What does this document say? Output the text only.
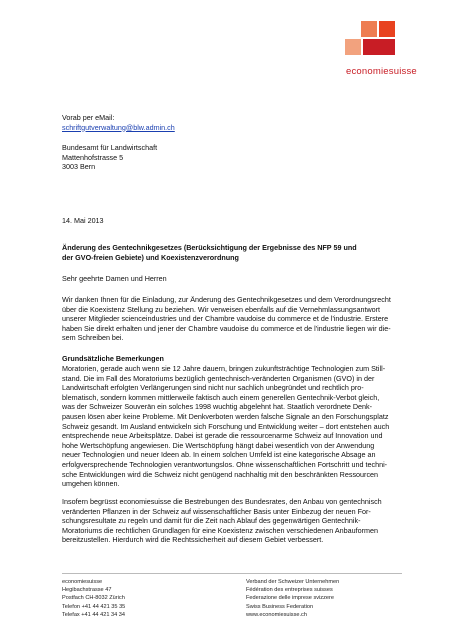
economiesuisse

Vorab per eMail:

schriftgutverwaltung@blw.admin.ch

Bundesamt für Landwirtschaft

Mattenhofstrasse 5

3003 Bern

14. Mai 2013

Änderung des Gentechnikgesetzes (Berücksichtigung der Ergebnisse des NFP 59 und

der GVO-freien Gebiete) und Koexistenzverordnung

Sehr geehrte Damen und Herren

Wir danken Ihnen für die Einladung, zur Änderung des Gentechnikgesetzes und dem Verordnungsrecht

über die Koexistenz Stellung zu beziehen. Wir verweisen ebenfalls auf die Vernehmlassungsantwort

unserer Mitglieder scienceindustries und der Chambre vaudoise du commerce et de l'industrie. Erstere

haben Sie direkt erhalten und jener der Chambre vaudoise du commerce et de l'industrie liegen wir die-

sem Schreiben bei.

Grundsätzliche Bemerkungen

Moratorien, gerade auch wenn sie 12 Jahre dauern, bringen zukunftsträchtige Technologien zum Still-

stand. Die im Fall des Moratoriums bezüglich gentechnisch-veränderten Organismen (GVO) in der

Landwirtschaft erfolgten Verlängerungen sind nicht nur sachlich unbegründet und rechtlich pro-

blematisch, sondern kommen mittlerweile faktisch auch einem generellen Gentechnik-Verbot gleich,

was der Schweizer Souverän ein solches 1998 wuchtig abgelehnt hat. Staatlich verordnete Denk-

pausen lösen aber keine Probleme. Mit Denkverboten werden falsche Signale an den Forschungsplatz

Schweiz gesandt. Im Ausland entwickeln sich Forschung und Entwicklung weiter – dort entstehen auch

entsprechende neue Arbeitsplätze. Dabei ist gerade die ressourcenarme Schweiz auf Innovation und

hohe Wertschöpfung angewiesen. Die Wertschöpfung hängt dabei wesentlich von der Anwendung

neuer Technologien und neuer Ideen ab. In einem solchen Umfeld ist eine kategorische Absage an

erfolgversprechende Technologien verantwortungslos. Ohne wissenschaftlichen Fortschritt und techni-

sche Entwicklungen wird die Schweiz nicht genügend nachhaltig mit den beschränkten Ressourcen

umgehen können.

Insofern begrüsst economiesuisse die Bestrebungen des Bundesrates, den Anbau von gentechnisch

veränderten Pflanzen in der Schweiz auf wissenschaftlicher Basis unter Einbezug der neuen For-

schungsresultate zu regeln und damit für die Zeit nach Ablauf des gegenwärtigen Gentechnik-

Moratoriums die rechtlichen Grundlagen für eine Koexistenz zwischen verschiedenen Anbauformen

bereitzustellen. Hierdurch wird die Rechtssicherheit auf diesem Gebiet verbessert.

economiesuisse
Hegibachstrasse 47
Postfach CH-8032 Zürich
Telefon +41 44 421 35 35
Telefax +41 44 421 34 34
Verband der Schweizer Unternehmen
Fédération des entreprises suisses
Federazione delle imprese svizzere
Swiss Business Federation
www.economiesuisse.ch
